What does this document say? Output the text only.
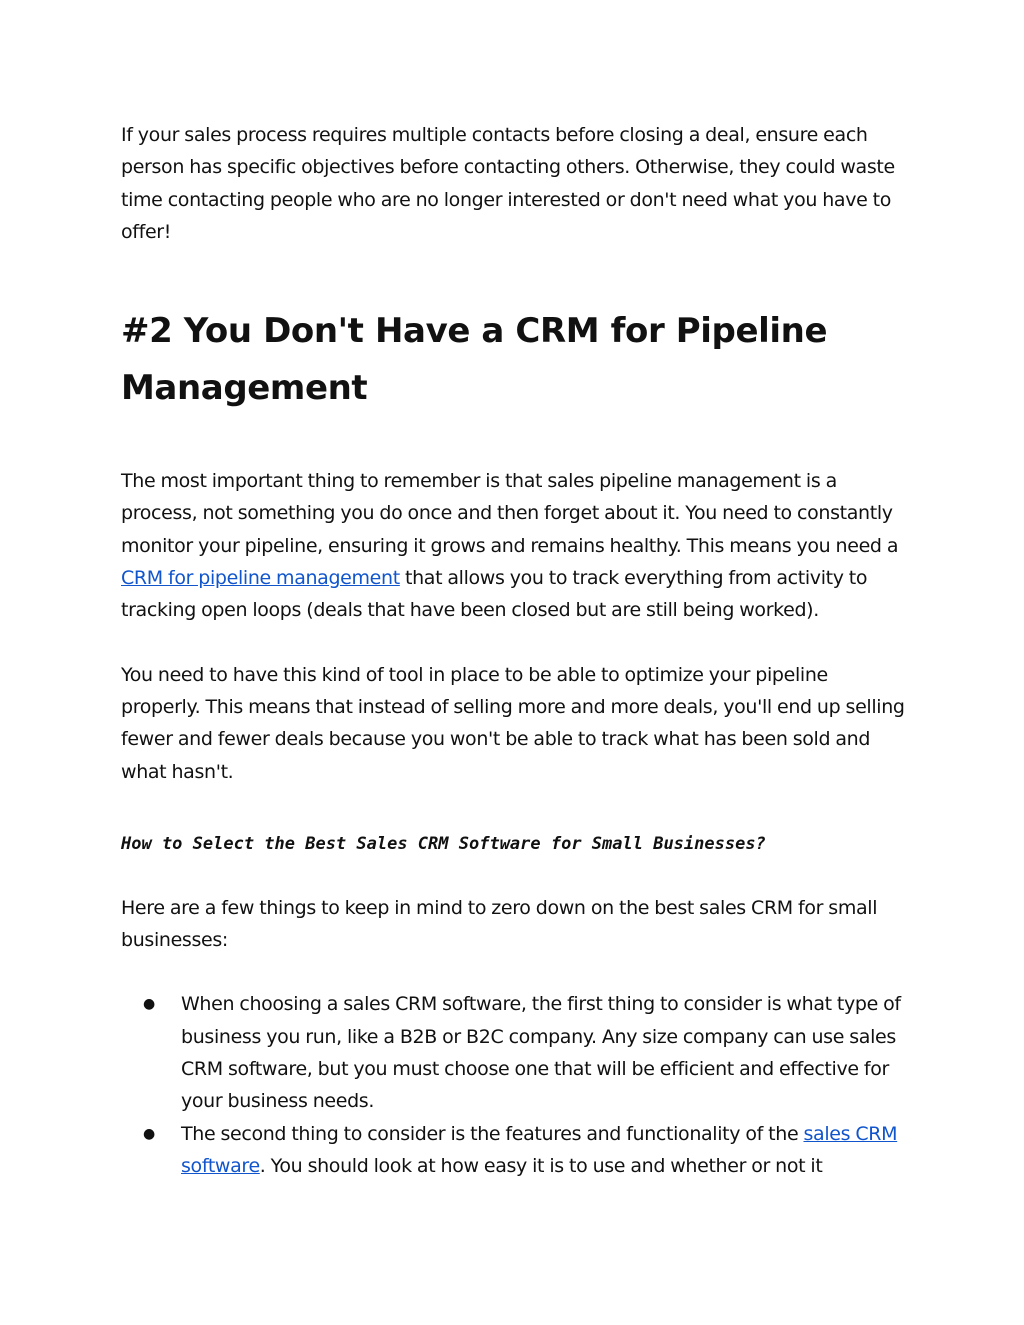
If your sales process requires multiple contacts before closing a deal, ensure each person has specific objectives before contacting others. Otherwise, they could waste time contacting people who are no longer interested or don't need what you have to offer!

#2 You Don't Have a CRM for Pipeline Management

The most important thing to remember is that sales pipeline management is a process, not something you do once and then forget about it. You need to constantly monitor your pipeline, ensuring it grows and remains healthy. This means you need a CRM for pipeline management that allows you to track everything from activity to tracking open loops (deals that have been closed but are still being worked).

You need to have this kind of tool in place to be able to optimize your pipeline properly. This means that instead of selling more and more deals, you'll end up selling fewer and fewer deals because you won't be able to track what has been sold and what hasn't.

How to Select the Best Sales CRM Software for Small Businesses?

Here are a few things to keep in mind to zero down on the best sales CRM for small businesses:

● When choosing a sales CRM software, the first thing to consider is what type of business you run, like a B2B or B2C company. Any size company can use sales CRM software, but you must choose one that will be efficient and effective for your business needs.
● The second thing to consider is the features and functionality of the sales CRM software. You should look at how easy it is to use and whether or not it
